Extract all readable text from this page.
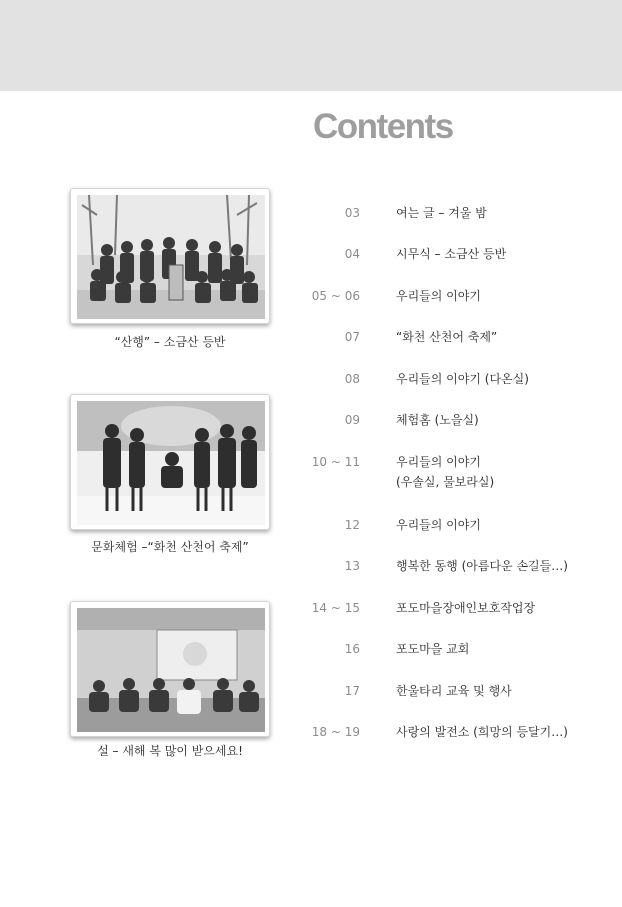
Contents
“산행” – 소금산 등반
문화체험 –“화천 산천어 축제”
설 – 새해 복 많이 받으세요!
03	여는 글 – 겨울 밤
04	시무식 – 소금산 등반
05 ~ 06	우리들의 이야기
07	“화천 산천어 축제”
08	우리들의 이야기 (다온실)
09	체험홈 (노을실)
10 ~ 11	우리들의 이야기
(우솔실, 물보라실)
12	우리들의 이야기
13	행복한 동행 (아름다운 손길들…)
14 ~ 15	포도마을장애인보호작업장
16	포도마을 교회
17	한울타리 교육 및 행사
18 ~ 19	사랑의 발전소 (희망의 등달기…)
